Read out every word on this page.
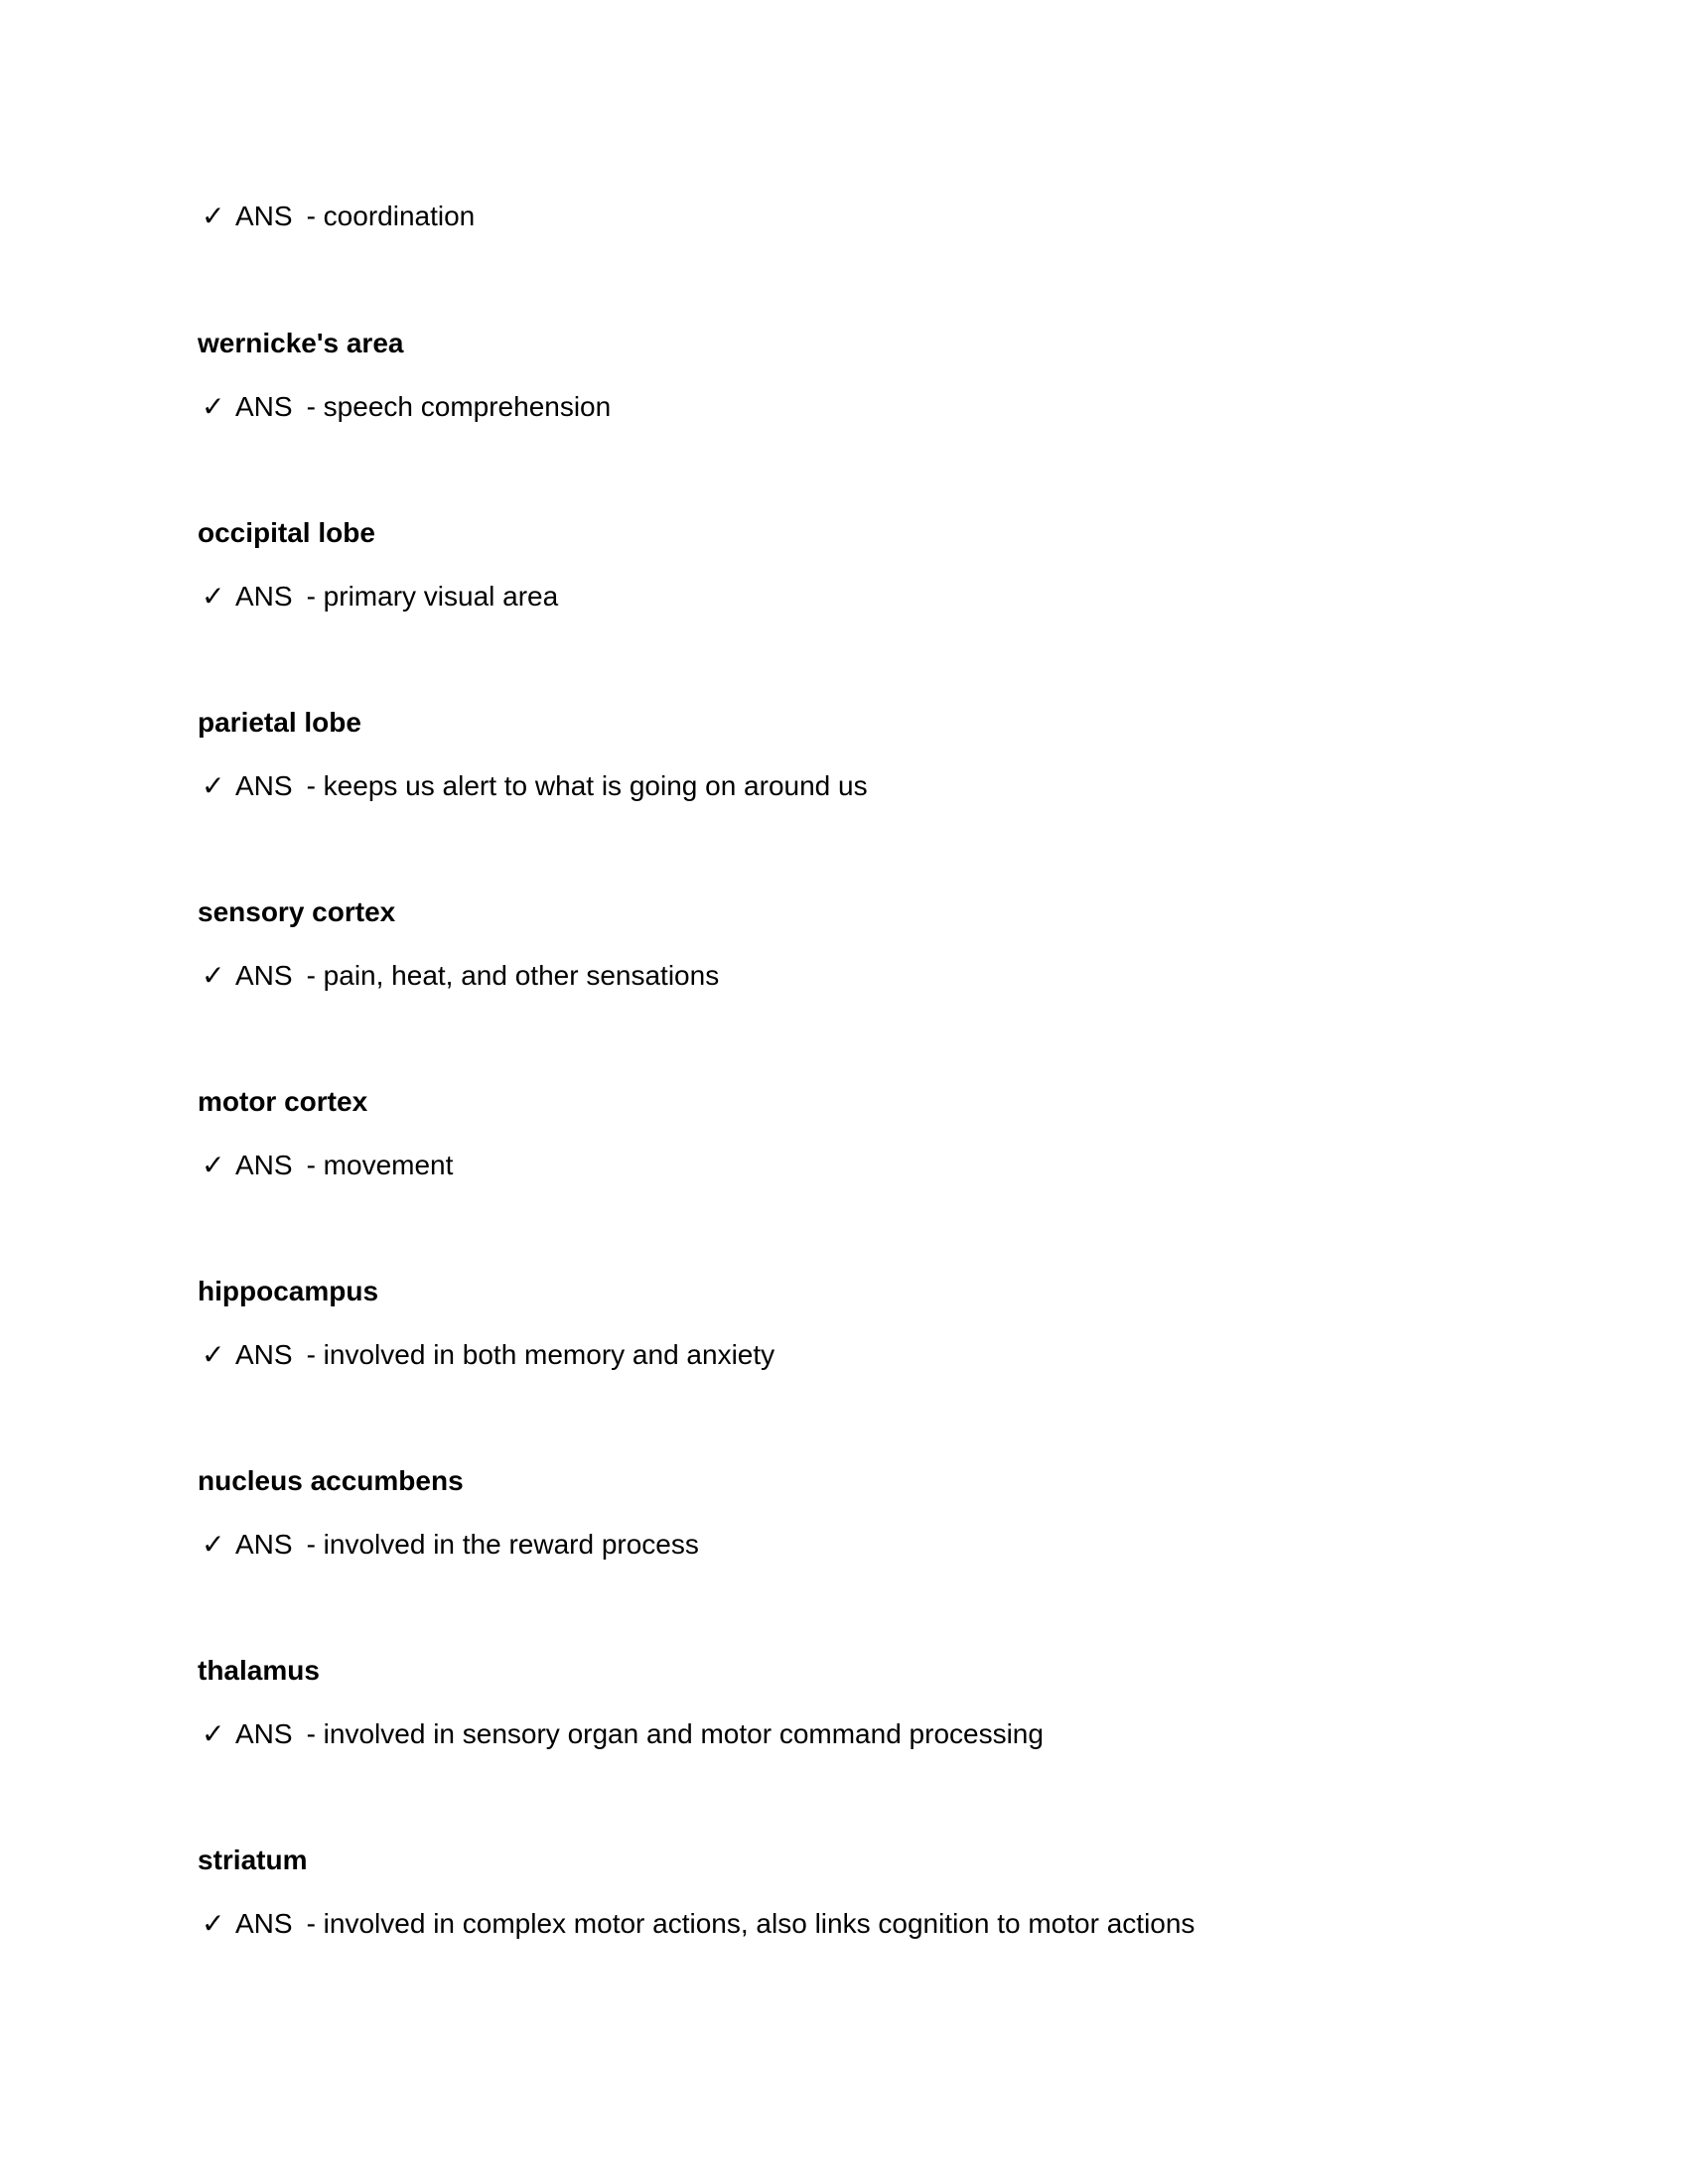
✓ ANS - coordination
wernicke's area
✓ ANS - speech comprehension
occipital lobe
✓ ANS - primary visual area
parietal lobe
✓ ANS - keeps us alert to what is going on around us
sensory cortex
✓ ANS - pain, heat, and other sensations
motor cortex
✓ ANS - movement
hippocampus
✓ ANS - involved in both memory and anxiety
nucleus accumbens
✓ ANS - involved in the reward process
thalamus
✓ ANS - involved in sensory organ and motor command processing
striatum
✓ ANS - involved in complex motor actions, also links cognition to motor actions
